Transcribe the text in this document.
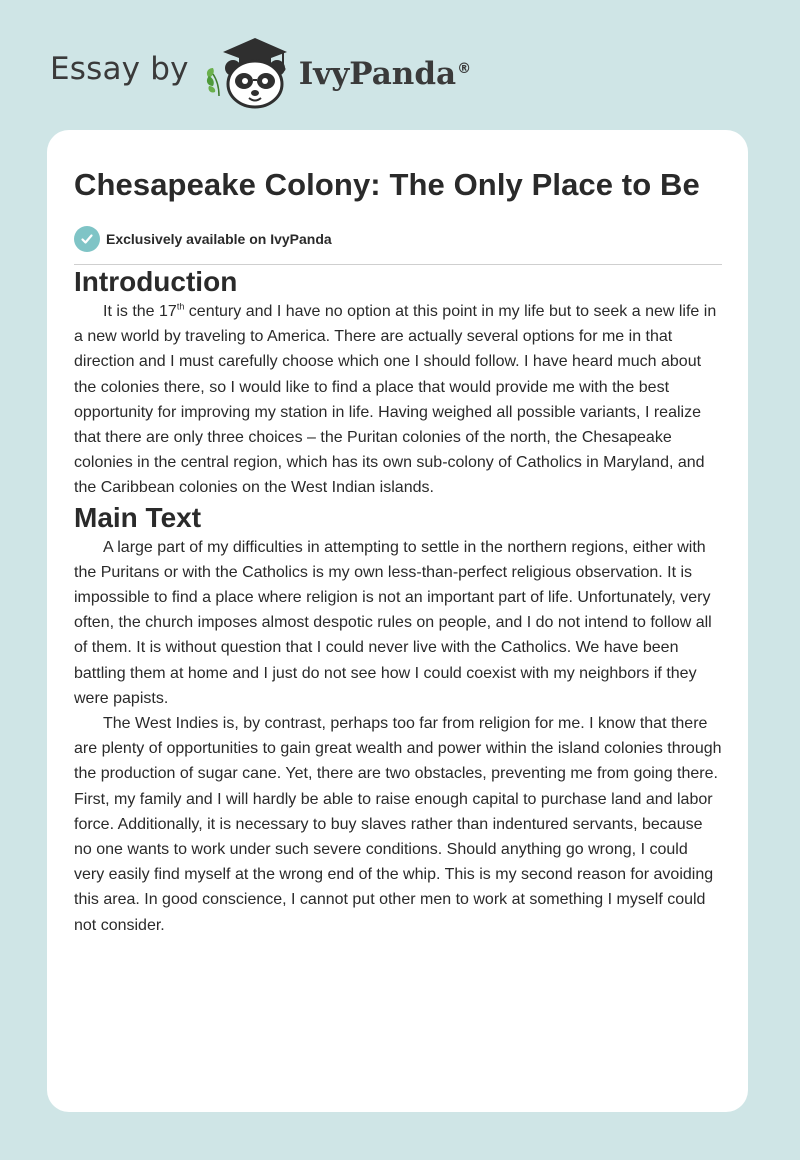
Essay by	IvyPanda®
Chesapeake Colony: The Only Place to Be
Exclusively available on IvyPanda
Introduction

It is the 17th century and I have no option at this point in my life but to seek a new life in a new world by traveling to America. There are actually several options for me in that direction and I must carefully choose which one I should follow. I have heard much about the colonies there, so I would like to find a place that would provide me with the best opportunity for improving my station in life. Having weighed all possible variants, I realize that there are only three choices – the Puritan colonies of the north, the Chesapeake colonies in the central region, which has its own sub-colony of Catholics in Maryland, and the Caribbean colonies on the West Indian islands.

Main Text

A large part of my difficulties in attempting to settle in the northern regions, either with the Puritans or with the Catholics is my own less-than-perfect religious observation. It is impossible to find a place where religion is not an important part of life. Unfortunately, very often, the church imposes almost despotic rules on people, and I do not intend to follow all of them. It is without question that I could never live with the Catholics. We have been battling them at home and I just do not see how I could coexist with my neighbors if they were papists.

The West Indies is, by contrast, perhaps too far from religion for me. I know that there are plenty of opportunities to gain great wealth and power within the island colonies through the production of sugar cane. Yet, there are two obstacles, preventing me from going there. First, my family and I will hardly be able to raise enough capital to purchase land and labor force. Additionally, it is necessary to buy slaves rather than indentured servants, because no one wants to work under such severe conditions. Should anything go wrong, I could very easily find myself at the wrong end of the whip. This is my second reason for avoiding this area. In good conscience, I cannot put other men to work at something I myself could not consider.
